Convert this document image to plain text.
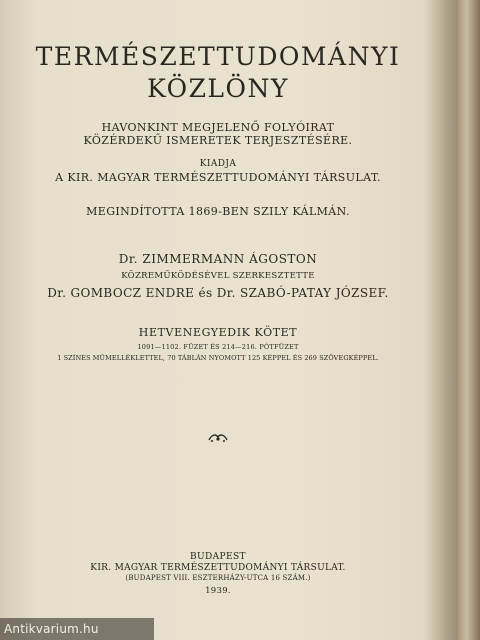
TERMÉSZETTUDOMÁNYI
KÖZLÖNY
HAVONKINT MEGJELENŐ FOLYÓIRAT
KÖZÉRDEKŰ ISMERETEK TERJESZTÉSÉRE.
KIADJA
A KIR. MAGYAR TERMÉSZETTUDOMÁNYI TÁRSULAT.
MEGINDÍTOTTA 1869-BEN SZILY KÁLMÁN.
Dr. ZIMMERMANN ÁGOSTON
KÖZREMŰKÖDÉSÉVEL SZERKESZTETTE
Dr. GOMBOCZ ENDRE és Dr. SZABÓ-PATAY JÓZSEF.
HETVENEGYEDIK KÖTET
1091—1102. FÜZET ÉS 214—216. PÓTFÜZET
1 SZÍNES MŰMELLÉKLETTEL, 70 TÁBLÁN NYOMOTT 125 KÉPPEL ÉS 269 SZÖVEGKÉPPEL.
BUDAPEST
KIR. MAGYAR TERMÉSZETTUDOMÁNYI TÁRSULAT.
(BUDAPEST VIII. ESZTERHÁZY-UTCA 16 SZÁM.)
1939.
Antikvarium.hu
